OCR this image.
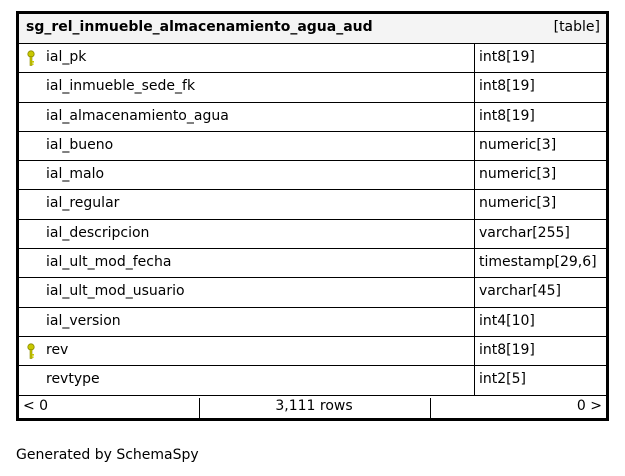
sg_rel_inmueble_almacenamiento_agua_aud	[table]
ial_pk	int8[19]
ial_inmueble_sede_fk	int8[19]
ial_almacenamiento_agua	int8[19]
ial_bueno	numeric[3]
ial_malo	numeric[3]
ial_regular	numeric[3]
ial_descripcion	varchar[255]
ial_ult_mod_fecha	timestamp[29,6]
ial_ult_mod_usuario	varchar[45]
ial_version	int4[10]
rev	int8[19]
revtype	int2[5]
< 0	3,111 rows	0 >
Generated by SchemaSpy
